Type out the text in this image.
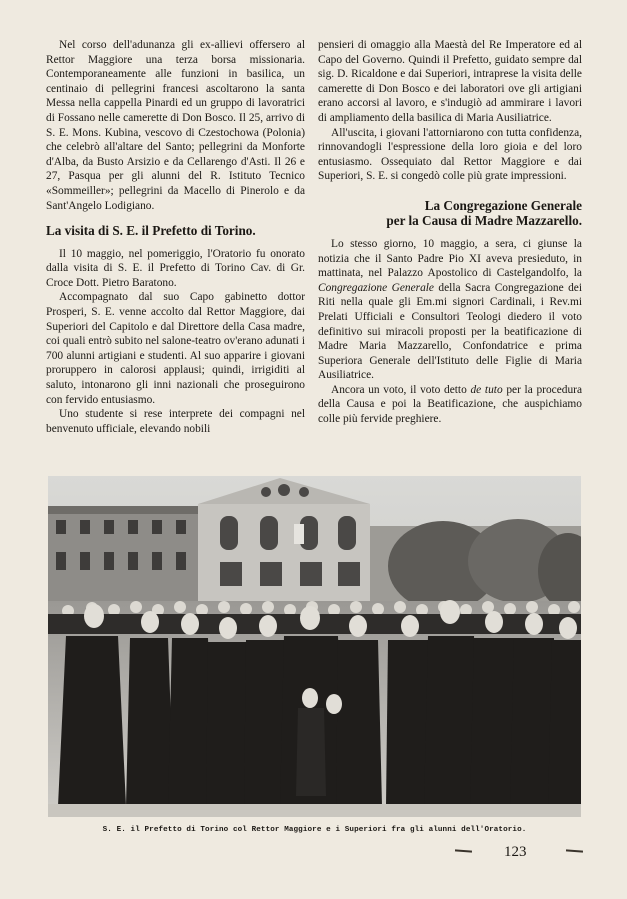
Nel corso dell'adunanza gli ex-allievi offersero al Rettor Maggiore una terza borsa missionaria. Contemporaneamente alle funzioni in basilica, un centinaio di pellegrini francesi ascoltarono la santa Messa nella cappella Pinardi ed un gruppo di lavoratrici di Fossano nelle camerette di Don Bosco. Il 25, arrivo di S. E. Mons. Kubina, vescovo di Czestochowa (Polonia) che celebrò all'altare del Santo; pellegrini da Monforte d'Alba, da Busto Arsizio e da Cellarengo d'Asti. Il 26 e 27, Pasqua per gli alunni del R. Istituto Tecnico «Sommeiller»; pellegrini da Macello di Pinerolo e da Sant'Angelo Lodigiano.

La visita di S. E. il Prefetto di Torino.

Il 10 maggio, nel pomeriggio, l'Oratorio fu onorato dalla visita di S. E. il Prefetto di Torino Cav. di Gr. Croce Dott. Pietro Baratono.

Accompagnato dal suo Capo gabinetto dottor Prosperi, S. E. venne accolto dal Rettor Maggiore, dai Superiori del Capitolo e dal Direttore della Casa madre, coi quali entrò subito nel salone-teatro ov'erano adunati i 700 alunni artigiani e studenti. Al suo apparire i giovani proruppero in calorosi applausi; quindi, irrigiditi al saluto, intonarono gli inni nazionali che proseguirono con fervido entusiasmo.

Uno studente si rese interprete dei compagni nel benvenuto ufficiale, elevando nobili

pensieri di omaggio alla Maestà del Re Imperatore ed al Capo del Governo. Quindi il Prefetto, guidato sempre dal sig. D. Ricaldone e dai Superiori, intraprese la visita delle camerette di Don Bosco e dei laboratori ove gli artigiani erano accorsi al lavoro, e s'indugiò ad ammirare i lavori di ampliamento della basilica di Maria Ausiliatrice.

All'uscita, i giovani l'attorniarono con tutta confidenza, rinnovandogli l'espressione della loro gioia e del loro entusiasmo. Ossequiato dal Rettor Maggiore e dai Superiori, S. E. si congedò colle più grate impressioni.

La Congregazione Generale
per la Causa di Madre Mazzarello.

Lo stesso giorno, 10 maggio, a sera, ci giunse la notizia che il Santo Padre Pio XI aveva presieduto, in mattinata, nel Palazzo Apostolico di Castelgandolfo, la Congregazione Generale della Sacra Congregazione dei Riti nella quale gli Em.mi signori Cardinali, i Rev.mi Prelati Ufficiali e Consultori Teologi diedero il voto definitivo sui miracoli proposti per la beatificazione di Madre Maria Mazzarello, Confondatrice e prima Superiora Generale dell'Istituto delle Figlie di Maria Ausiliatrice.

Ancora un voto, il voto detto de tuto per la procedura della Causa e poi la Beatificazione, che auspichiamo colle più fervide preghiere.

S. E. il Prefetto di Torino col Rettor Maggiore e i Superiori fra gli alunni dell'Oratorio.
123
